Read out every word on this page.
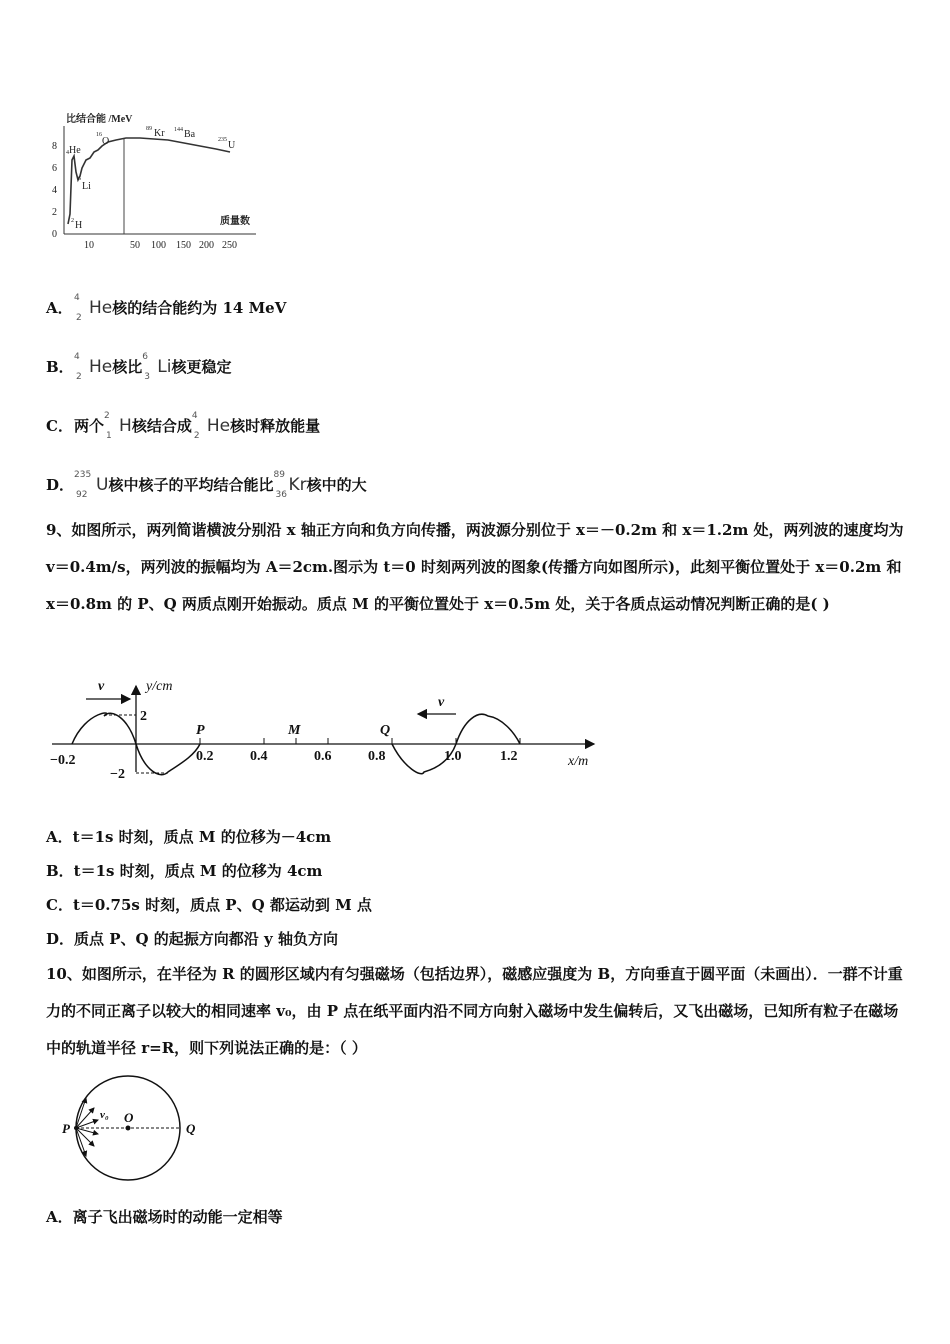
比结合能 /MeV
8
6
4
2
0
10	50 100 150 200 250
质量数
4 He
6
Li
2 H
16
O
89 Kr 144 Ba	235 U
A．
4
2 He核的结合能约为 14 MeV
B．
4
2 He核比
6
3 Li核更稳定
C．两个
2
1 H核结合成
4
2 He核时释放能量
D．
235
92 U核中核子的平均结合能比
89
36 Kr核中的大
9、如图所示，两列简谐横波分别沿 x 轴正方向和负方向传播，两波源分别位于 x＝－0.2m 和 x＝1.2m 处，两列波的速度均为 v＝0.4m/s，两列波的振幅均为 A＝2cm.图示为 t＝0 时刻两列波的图象(传播方向如图所示)，此刻平衡位置处于 x＝0.2m 和 x＝0.8m 的 P、Q 两质点刚开始振动。质点 M 的平衡位置处于 x＝0.5m 处，关于各质点运动情况判断正确的是( )
y/cm
x/m
2
−2
v
v
−0.2	0.2	0.4	0.6	0.8	1.0	1.2
P	M	Q
A．t＝1s 时刻，质点 M 的位移为－4cm
B．t＝1s 时刻，质点 M 的位移为 4cm
C．t＝0.75s 时刻，质点 P、Q 都运动到 M 点
D．质点 P、Q 的起振方向都沿 y 轴负方向
10、如图所示，在半径为 R 的圆形区域内有匀强磁场（包括边界），磁感应强度为 B，方向垂直于圆平面（未画出）．一群不计重力的不同正离子以较大的相同速率 v₀，由 P 点在纸平面内沿不同方向射入磁场中发生偏转后，又飞出磁场，已知所有粒子在磁场中的轨道半径 r=R，则下列说法正确的是：（ ）
P
O
Q
v₀
A．离子飞出磁场时的动能一定相等
